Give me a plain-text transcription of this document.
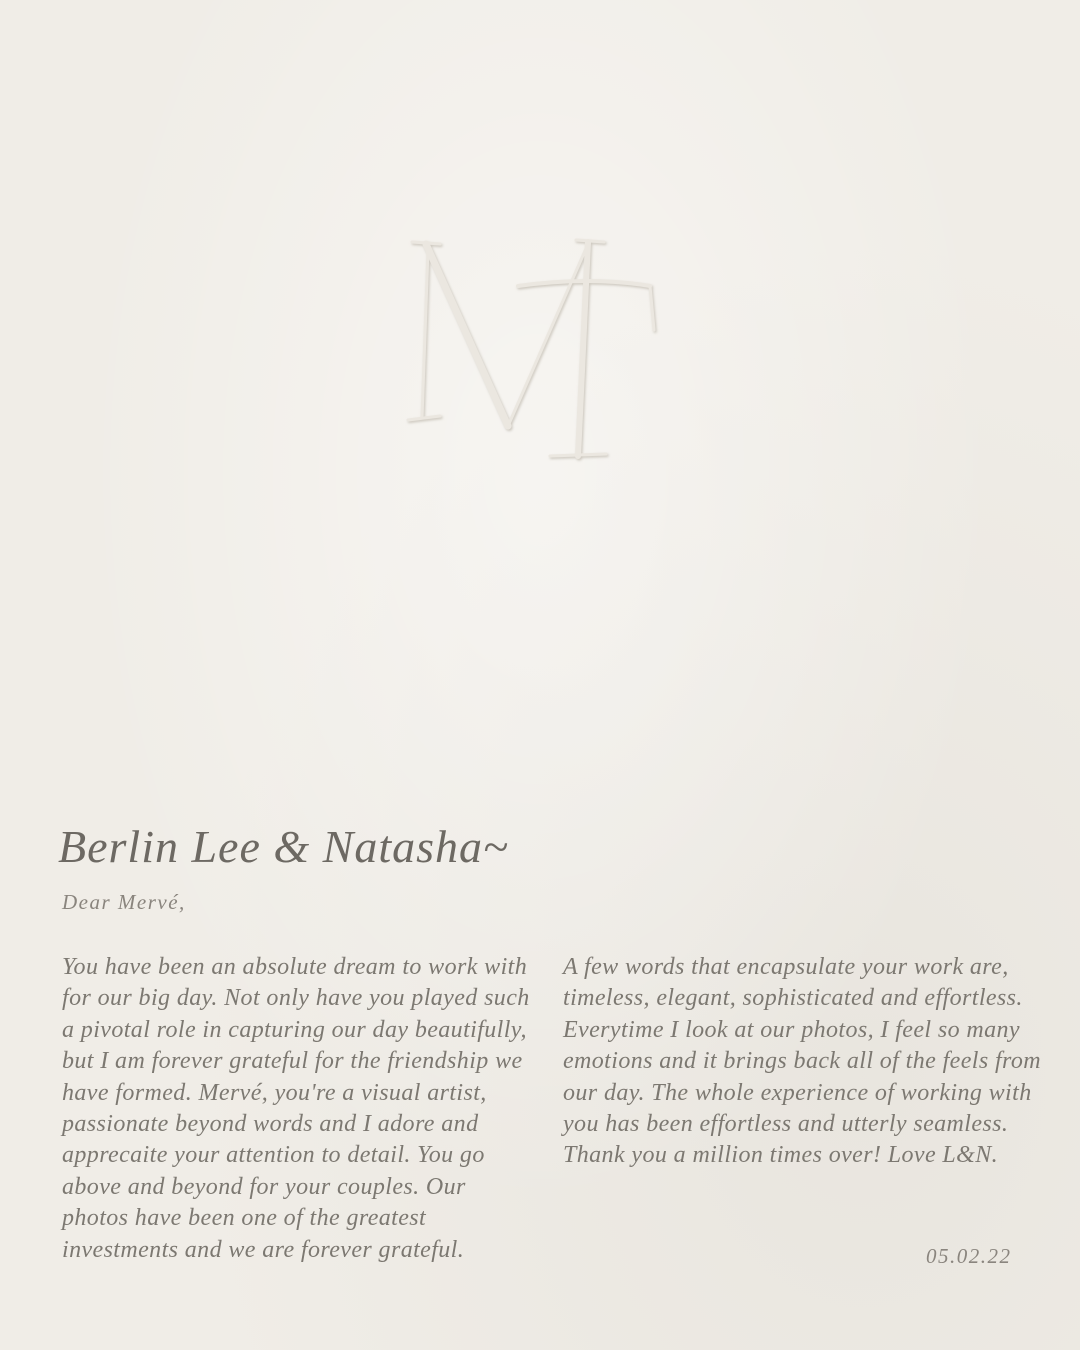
Berlin Lee & Natasha~

Dear Mervé,

You have been an absolute dream to work with for our big day. Not only have you played such a pivotal role in capturing our day beautifully, but I am forever grateful for the friendship we have formed. Mervé, you're a visual artist, passionate beyond words and I adore and apprecaite your attention to detail. You go above and beyond for your couples. Our photos have been one of the greatest investments and we are forever grateful.

A few words that encapsulate your work are, timeless, elegant, sophisticated and effortless. Everytime I look at our photos, I feel so many emotions and it brings back all of the feels from our day. The whole experience of working with you has been effortless and utterly seamless. Thank you a million times over! Love L&N.

05.02.22
